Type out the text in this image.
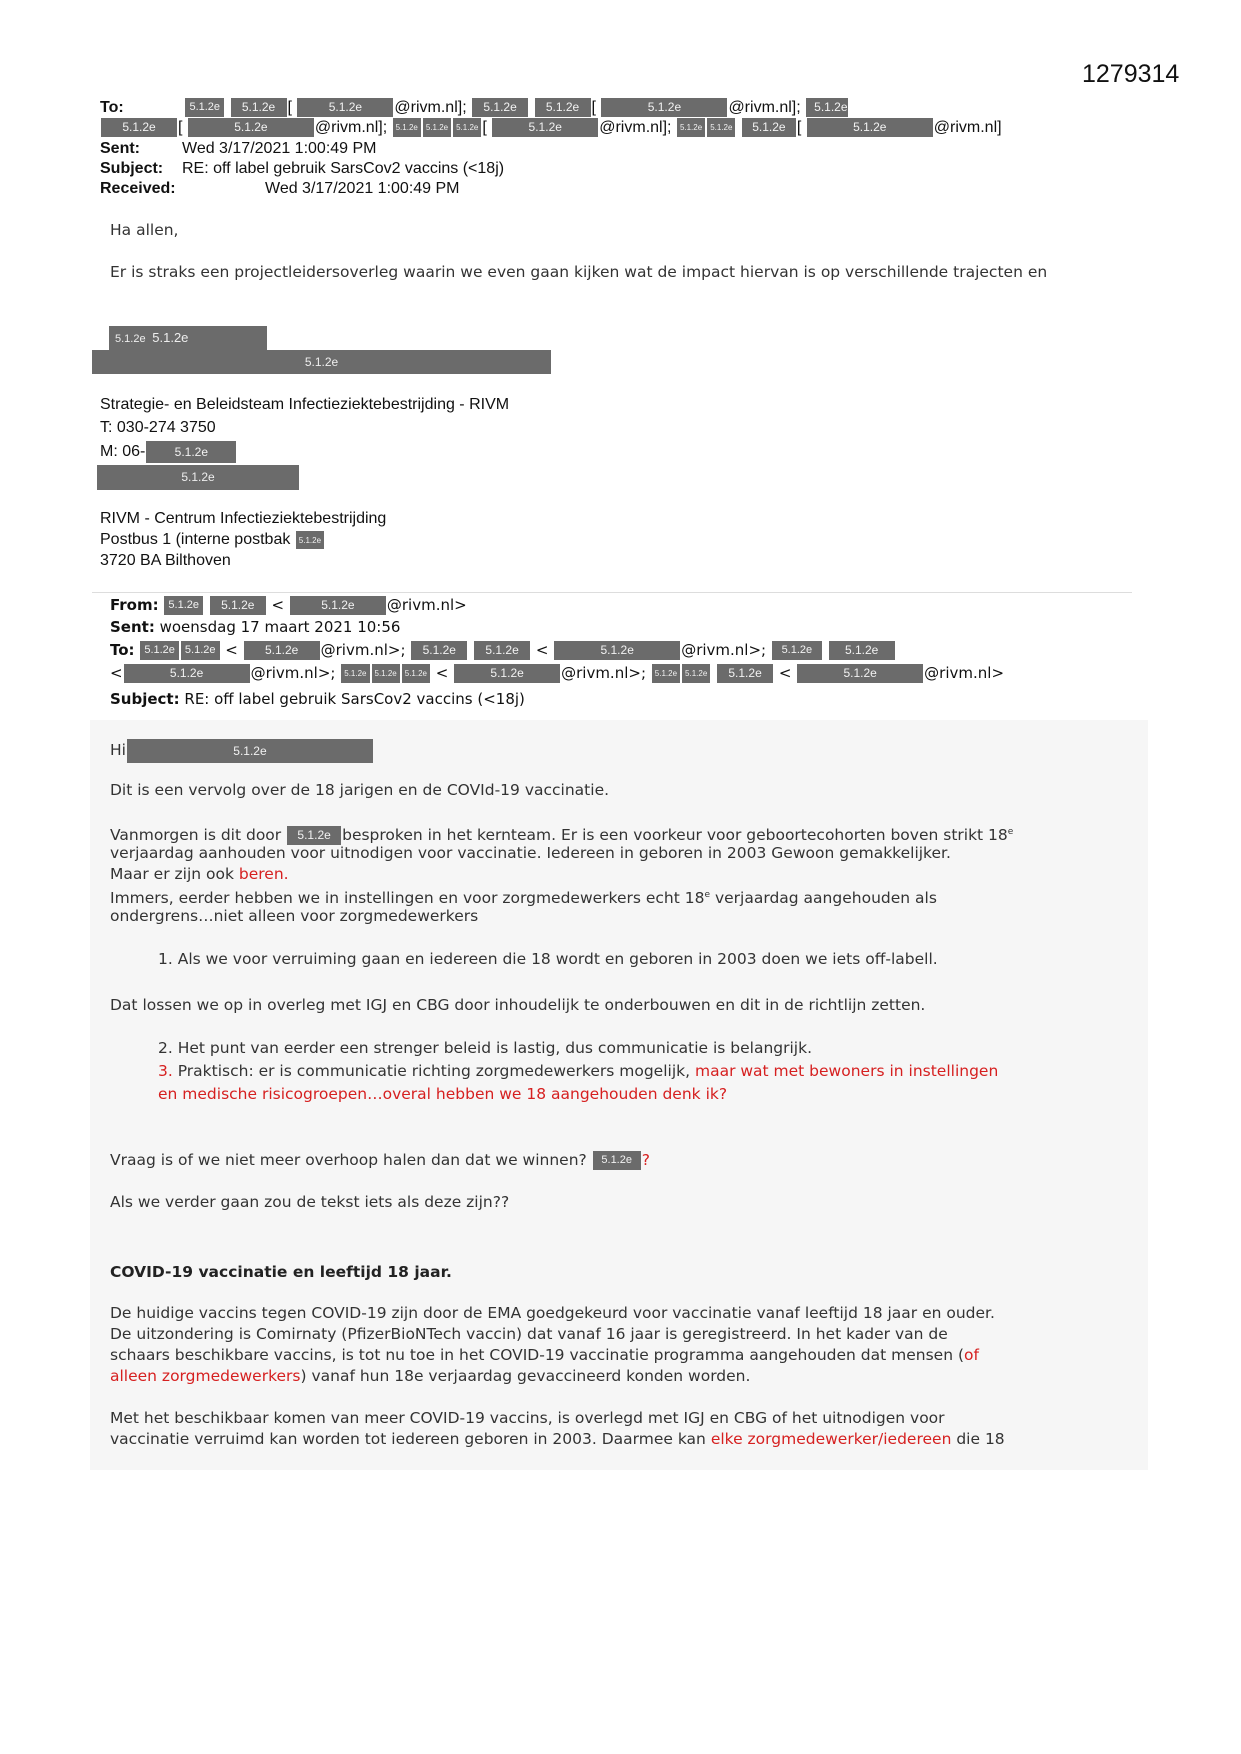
1279314
To:	5.1.2e 5.1.2e [	5.1.2e @rivm.nl]; 5.1.2e 5.1.2e [	5.1.2e	@rivm.nl]; 5.1.2e
5.1.2e [	5.1.2e	@rivm.nl]; 5.1.2e 5.1.2e 5.1.2e [	5.1.2e @rivm.nl]; 5.1.2e 5.1.2e 5.1.2e [	5.1.2e	@rivm.nl]
Sent:	Wed 3/17/2021 1:00:49 PM
Subject: RE: off label gebruik SarsCov2 vaccins (<18j)
Received:	Wed 3/17/2021 1:00:49 PM
Ha allen,
Er is straks een projectleidersoverleg waarin we even gaan kijken wat de impact hiervan is op verschillende trajecten en
5.1.2e 5.1.2e
5.1.2e
Strategie- en Beleidsteam Infectieziektebestrijding - RIVM
T: 030-274 3750
M: 06- 5.1.2e
5.1.2e
RIVM - Centrum Infectieziektebestrijding
Postbus 1 (interne postbak 5.1.2e
3720 BA Bilthoven
From: 5.1.2e 5.1.2e <	5.1.2e @rivm.nl>
Sent: woensdag 17 maart 2021 10:56
To: 5.1.2e 5.1.2e < 5.1.2e @rivm.nl>; 5.1.2e 5.1.2e <	5.1.2e	@rivm.nl>; 5.1.2e	5.1.2e
<	5.1.2e	@rivm.nl>; 5.1.2e 5.1.2e 5.1.2e <	5.1.2e @rivm.nl>; 5.1.2e 5.1.2e 5.1.2e <	5.1.2e	@rivm.nl>
Subject: RE: off label gebruik SarsCov2 vaccins (<18j)
Hi	5.1.2e
Dit is een vervolg over de 18 jarigen en de COVId-19 vaccinatie.
Vanmorgen is dit door 5.1.2e besproken in het kernteam. Er is een voorkeur voor geboortecohorten boven strikt 18e
verjaardag aanhouden voor uitnodigen voor vaccinatie. Iedereen in geboren in 2003 Gewoon gemakkelijker.
Maar er zijn ook beren.
Immers, eerder hebben we in instellingen en voor zorgmedewerkers echt 18e verjaardag aangehouden als
ondergrens…niet alleen voor zorgmedewerkers
1. Als we voor verruiming gaan en iedereen die 18 wordt en geboren in 2003 doen we iets off-labell.
Dat lossen we op in overleg met IGJ en CBG door inhoudelijk te onderbouwen en dit in de richtlijn zetten.
2. Het punt van eerder een strenger beleid is lastig, dus communicatie is belangrijk.
3. Praktisch: er is communicatie richting zorgmedewerkers mogelijk, maar wat met bewoners in instellingen
en medische risicogroepen…overal hebben we 18 aangehouden denk ik?
Vraag is of we niet meer overhoop halen dan dat we winnen? 5.1.2e ?
Als we verder gaan zou de tekst iets als deze zijn??
COVID-19 vaccinatie en leeftijd 18 jaar.
De huidige vaccins tegen COVID-19 zijn door de EMA goedgekeurd voor vaccinatie vanaf leeftijd 18 jaar en ouder.
De uitzondering is Comirnaty (PfizerBioNTech vaccin) dat vanaf 16 jaar is geregistreerd. In het kader van de
schaars beschikbare vaccins, is tot nu toe in het COVID-19 vaccinatie programma aangehouden dat mensen (of
alleen zorgmedewerkers) vanaf hun 18e verjaardag gevaccineerd konden worden.
Met het beschikbaar komen van meer COVID-19 vaccins, is overlegd met IGJ en CBG of het uitnodigen voor
vaccinatie verruimd kan worden tot iedereen geboren in 2003. Daarmee kan elke zorgmedewerker/iedereen die 18
